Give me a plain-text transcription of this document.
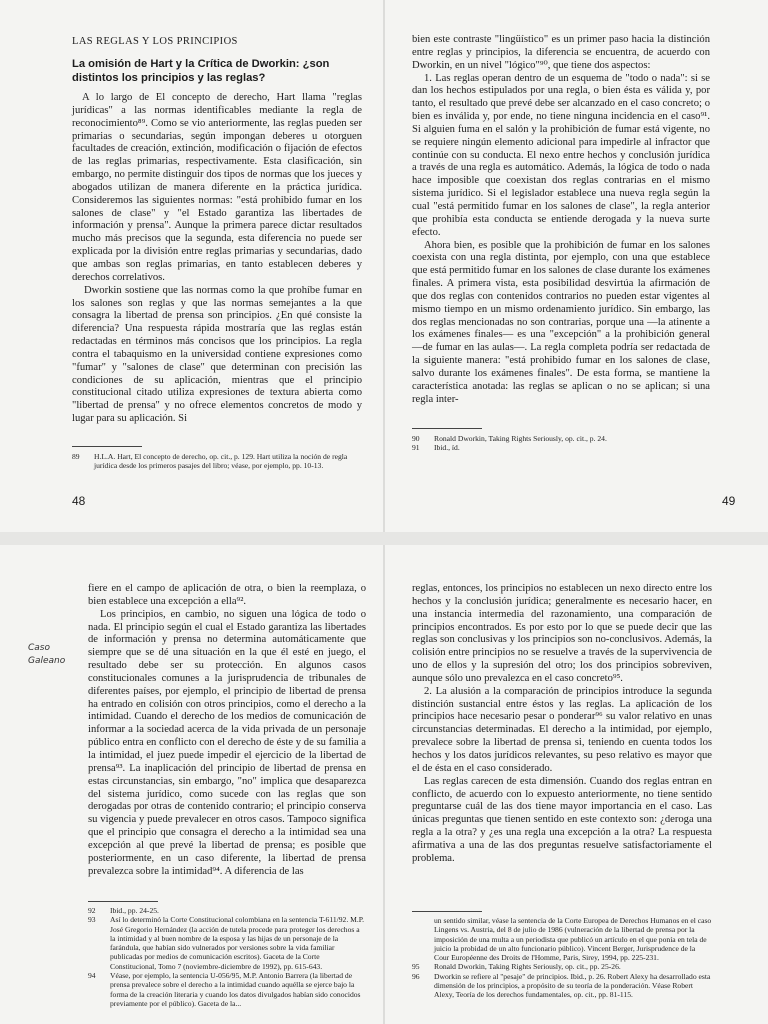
LAS REGLAS Y LOS PRINCIPIOS
La omisión de Hart y la Crítica de Dworkin: ¿son distintos los principios y las reglas?

A lo largo de El concepto de derecho, Hart llama "reglas jurídicas" a las normas identificables mediante la regla de reconocimiento⁸⁹. Como se vio anteriormente, las reglas pueden ser primarias o secundarias, según impongan deberes u otorguen facultades de creación, extinción, modificación o fijación de efectos de las reglas primarias, respectivamente. Esta clasificación, sin embargo, no permite distinguir dos tipos de normas que los jueces y abogados utilizan de manera diferente en la práctica jurídica. Consideremos las siguientes normas: "está prohibido fumar en los salones de clase" y "el Estado garantiza las libertades de información y prensa". Aunque la primera parece dictar resultados mucho más precisos que la segunda, esta diferencia no puede ser explicada por la división entre reglas primarias y secundarias, dado que ambas son reglas primarias, en tanto establecen deberes y derechos correlativos.

Dworkin sostiene que las normas como la que prohíbe fumar en los salones son reglas y que las normas semejantes a la que consagra la libertad de prensa son principios. ¿En qué consiste la diferencia? Una respuesta rápida mostraría que las reglas están redactadas en términos más concisos que los principios. La regla contra el tabaquismo en la universidad contiene expresiones como "fumar" y "salones de clase" que determinan con precisión las condiciones de su aplicación, mientras que el principio constitucional citado utiliza expresiones de textura abierta como "libertad de prensa" y no ofrece elementos concretos de modo y lugar para su aplicación. Si

89	H.L.A. Hart, El concepto de derecho, op. cit., p. 129. Hart utiliza la noción de regla jurídica desde los primeros pasajes del libro; véase, por ejemplo, pp. 10-13.
48

bien este contraste "lingüístico" es un primer paso hacia la distinción entre reglas y principios, la diferencia se encuentra, de acuerdo con Dworkin, en un nivel "lógico"⁹⁰, que tiene dos aspectos:

1. Las reglas operan dentro de un esquema de "todo o nada": si se dan los hechos estipulados por una regla, o bien ésta es válida y, por tanto, el resultado que prevé debe ser alcanzado en el caso concreto; o bien es inválida y, por ende, no tiene ninguna incidencia en el caso⁹¹. Si alguien fuma en el salón y la prohibición de fumar está vigente, no se requiere ningún elemento adicional para impedirle al infractor que continúe con su conducta. El nexo entre hechos y conclusión jurídica a través de una regla es automático. Además, la lógica de todo o nada hace imposible que coexistan dos reglas contrarias en el mismo sistema jurídico. Si el legislador establece una nueva regla según la cual "está permitido fumar en los salones de clase", la regla anterior que prohibía esta conducta se entiende derogada y la nueva surte efecto.

Ahora bien, es posible que la prohibición de fumar en los salones coexista con una regla distinta, por ejemplo, con una que establece que está permitido fumar en los salones de clase durante los exámenes finales. A primera vista, esta posibilidad desvirtúa la afirmación de que dos reglas con contenidos contrarios no pueden estar vigentes al mismo tiempo en un mismo ordenamiento jurídico. Sin embargo, las dos reglas mencionadas no son contrarias, porque una —la atinente a los exámenes finales— es una "excepción" a la prohibición general —de fumar en las aulas—. La regla completa podría ser redactada de la siguiente manera: "está prohibido fumar en los salones de clase, salvo durante los exámenes finales". De esta forma, se mantiene la característica anotada: las reglas se aplican o no se aplican; si una regla inter-

90	Ronald Dworkin, Taking Rights Seriously, op. cit., p. 24.
91	Ibid., íd.
49
Caso Galeano

fiere en el campo de aplicación de otra, o bien la reemplaza, o bien establece una excepción a ella⁹².

Los principios, en cambio, no siguen una lógica de todo o nada. El principio según el cual el Estado garantiza las libertades de información y prensa no determina automáticamente que siempre que se dé una situación en la que él esté en juego, el resultado debe ser su protección. En algunos casos constitucionales comunes a la jurisprudencia de tribunales de diferentes países, por ejemplo, el principio de libertad de prensa ha entrado en colisión con otros principios, como el derecho a la intimidad. Cuando el derecho de los medios de comunicación de informar a la sociedad acerca de la vida privada de un personaje público entra en conflicto con el derecho de éste y de su familia a la intimidad, el juez puede impedir el ejercicio de la libertad de prensa⁹³. La inaplicación del principio de libertad de prensa en estas circunstancias, sin embargo, "no" implica que desaparezca del sistema jurídico, como sucede con las reglas que son derogadas por otras de contenido contrario; el principio conserva su vigencia y puede prevalecer en otros casos. Tampoco significa que el principio que consagra el derecho a la intimidad sea una excepción al que prevé la libertad de prensa; es posible que posteriormente, en un caso diferente, la libertad de prensa prevalezca sobre la intimidad⁹⁴. A diferencia de las

92	Ibid., pp. 24-25.
93	Así lo determinó la Corte Constitucional colombiana en la sentencia T-611/92. M.P. José Gregorio Hernández (la acción de tutela procede para proteger los derechos a la intimidad y al buen nombre de la esposa y las hijas de un personaje de la farándula, que habían sido vulnerados por versiones sobre la vida familiar publicadas por medios de comunicación escritos). Gaceta de la Corte Constitucional, Tomo 7 (noviembre-diciembre de 1992), pp. 615-643.
94	Véase, por ejemplo, la sentencia U-056/95, M.P. Antonio Barrera (la libertad de prensa prevalece sobre el derecho a la intimidad cuando aquélla se ejerce bajo la forma de la creación literaria y cuando los datos divulgados habían sido conocidos previamente por el público). Gaceta de la...

reglas, entonces, los principios no establecen un nexo directo entre los hechos y la conclusión jurídica; generalmente es necesario hacer, en una instancia intermedia del razonamiento, una comparación de principios encontrados. Es por esto por lo que se puede decir que las reglas son conclusivas y los principios son no-conclusivos. Además, la colisión entre principios no se resuelve a través de la supervivencia de uno de ellos y la supresión del otro; los dos principios sobreviven, aunque sólo uno prevalezca en el caso concreto⁹⁵.

2. La alusión a la comparación de principios introduce la segunda distinción sustancial entre éstos y las reglas. La aplicación de los principios hace necesario pesar o ponderar⁹⁶ su valor relativo en unas circunstancias determinadas. El derecho a la intimidad, por ejemplo, prevalece sobre la libertad de prensa si, teniendo en cuenta todos los hechos y los datos jurídicos relevantes, su peso relativo es mayor que el de ésta en el caso considerado.

Las reglas carecen de esta dimensión. Cuando dos reglas entran en conflicto, de acuerdo con lo expuesto anteriormente, no tiene sentido preguntarse cuál de las dos tiene mayor importancia en el caso. Las únicas preguntas que tienen sentido en este contexto son: ¿deroga una regla a la otra? y ¿es una regla una excepción a la otra? La respuesta afirmativa a una de las dos preguntas resuelve satisfactoriamente el problema.

un sentido similar, véase la sentencia de la Corte Europea de Derechos Humanos en el caso Lingens vs. Austria, del 8 de julio de 1986 (vulneración de la libertad de prensa por la imposición de una multa a un periodista que publicó un artículo en el que ponía en tela de juicio la probidad de un alto funcionario público). Vincent Berger, Jurisprudence de la Cour Européenne des Droits de l'Homme, Paris, Sirey, 1994, pp. 225-231.
95	Ronald Dworkin, Taking Rights Seriously, op. cit., pp. 25-26.
96	Dworkin se refiere al "pesaje" de principios. Ibid., p. 26. Robert Alexy ha desarrollado esta dimensión de los principios, a propósito de su teoría de la ponderación. Véase Robert Alexy, Teoría de los derechos fundamentales, op. cit., pp. 81-115.
